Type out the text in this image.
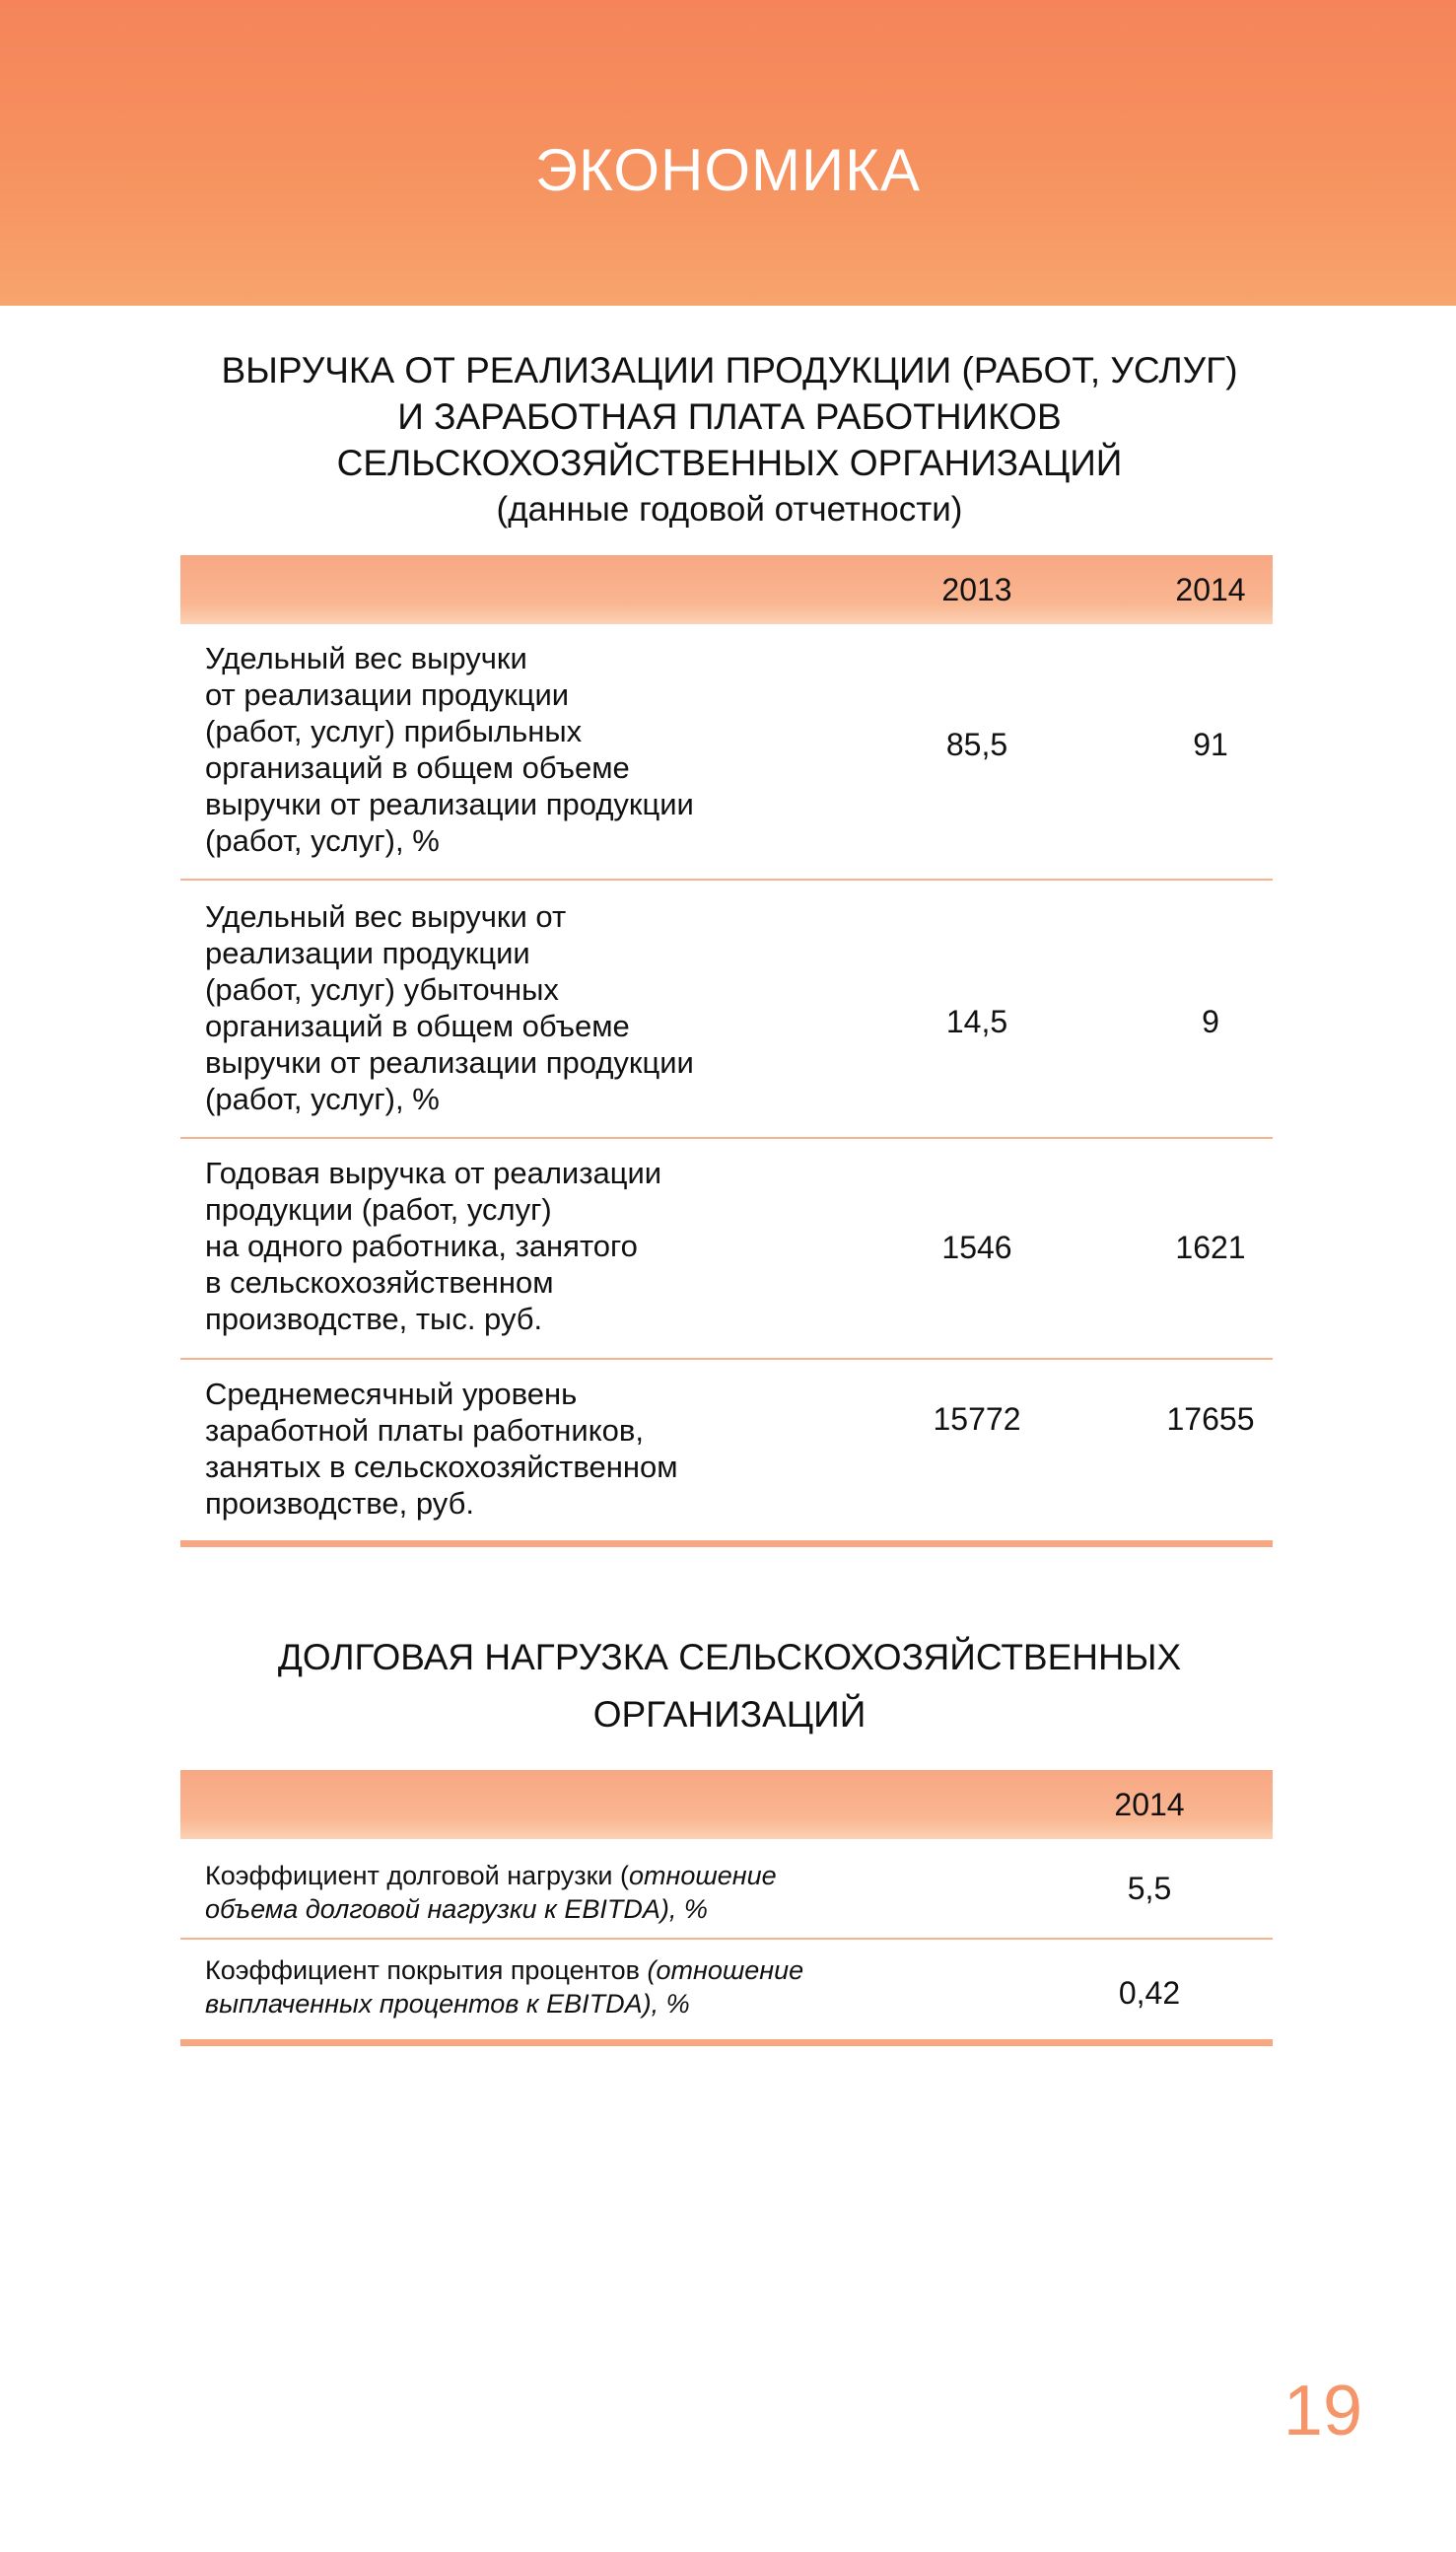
ЭКОНОМИКА
ВЫРУЧКА ОТ РЕАЛИЗАЦИИ ПРОДУКЦИИ (РАБОТ, УСЛУГ)
И ЗАРАБОТНАЯ ПЛАТА РАБОТНИКОВ
СЕЛЬСКОХОЗЯЙСТВЕННЫХ ОРГАНИЗАЦИЙ
(данные годовой отчетности)
2013	2014
Удельный вес выручки
от реализации продукции
(работ, услуг) прибыльных
организаций в общем объеме
выручки от реализации продукции
(работ, услуг), %
85,5	91
Удельный вес выручки от
реализации продукции
(работ, услуг) убыточных
организаций в общем объеме
выручки от реализации продукции
(работ, услуг), %
14,5	9
Годовая выручка от реализации
продукции (работ, услуг)
на одного работника, занятого
в сельскохозяйственном
производстве, тыс. руб.
1546	1621
Среднемесячный уровень
заработной платы работников,
занятых в сельскохозяйственном
производстве, руб.
15772	17655
ДОЛГОВАЯ НАГРУЗКА СЕЛЬСКОХОЗЯЙСТВЕННЫХ
ОРГАНИЗАЦИЙ
2014
Коэффициент долговой нагрузки (отношение
объема долговой нагрузки к EBITDA), %
5,5
Коэффициент покрытия процентов (отношение
выплаченных процентов к EBITDA), %	0,42
19
